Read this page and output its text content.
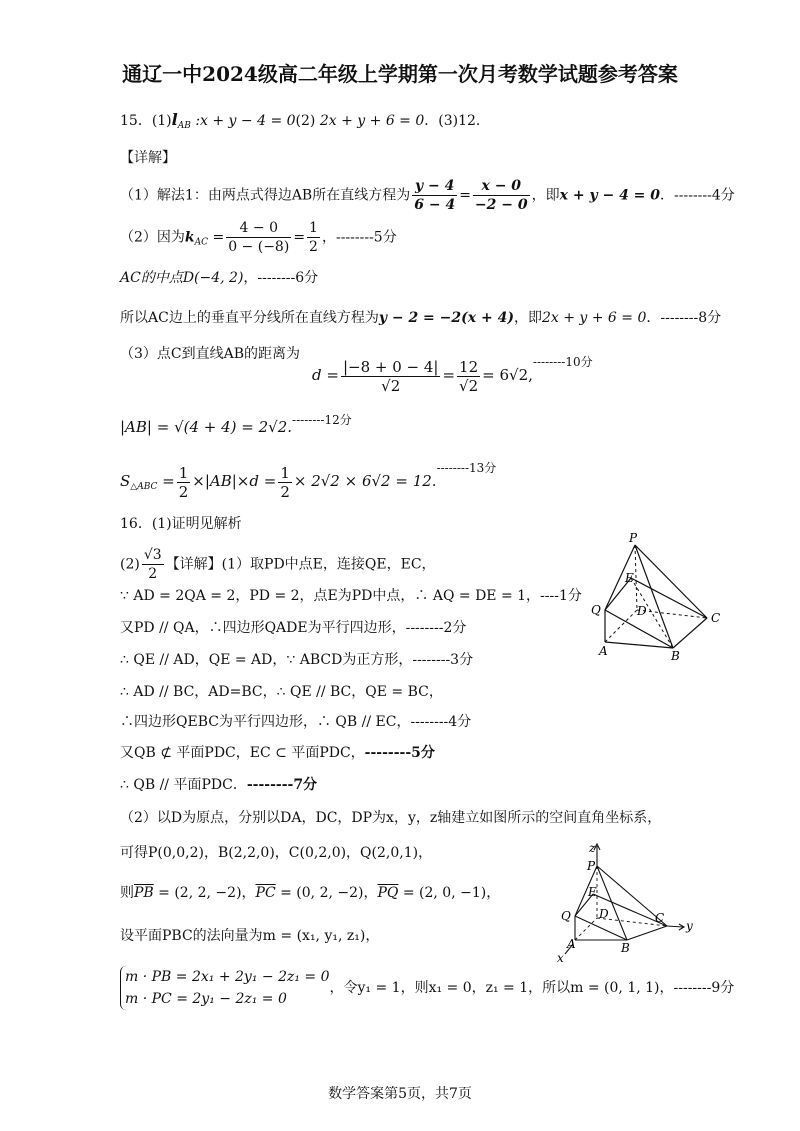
通辽一中2024级高二年级上学期第一次月考数学试题参考答案
15．$(1)l_{AB}$ :x + y − 4 = 0(2) 2x + y + 6 = 0．(3)12．
【详解】
（1）解法1：由两点式得边AB所在直线方程为 $\frac{y - 4}{6 - 4} = \frac{x - 0}{-2 - 0}$ ，即x + y − 4 = 0．--------4分
（2）因为$k_{AC} = \frac{4 - 0}{0 - (-8)} = \frac{1}{2}$ ，--------5分
AC的中点D(−4, 2)，--------6分
所以AC边上的垂直平分线所在直线方程为y − 2 = −2(x + 4)，即2x + y + 6 = 0．--------8分
（3）点C到直线AB的距离为
$d = \frac{|-8 + 0 - 4|}{√2} = \frac{12}{√2} = 6√2,^{--------10分}$
|AB| = √(4 + 4) = 2√2.$^{--------12分}$
$S_{\triangle ABC} = \frac{1}{2} \times|AB|\times d = \frac{1}{2} \times 2√2 \times 6√2 = 12.^{--------13分}$
16．(1)证明见解析
$(2) \frac{√3}{2}$ 【详解】(1）取PD中点E，连接QE，EC，
∵ AD = 2QA = 2，PD = 2，点E为PD中点，∴ AQ = DE = 1，----1分
又PD // QA，∴四边形QADE为平行四边形，--------2分
∴ QE // AD，QE = AD，∵ ABCD为正方形，--------3分
∴ AD // BC，AD=BC，∴ QE // BC，QE = BC，
∴四边形QEBC为平行四边形，∴ QB // EC，--------4分
又QB ⊄ 平面PDC，EC ⊂ 平面PDC，--------5分
∴ QB // 平面PDC．--------7分
（2）以D为原点，分别以DA，DC，DP为x，y，z轴建立如图所示的空间直角坐标系，
可得P(0,0,2)，B(2,2,0)，C(0,2,0)，Q(2,0,1)，
则$\overline{PB} = (2$, 2, −2)，$\overline{PC} = (0$, 2, −2)，$\overline{PQ} = (2$, 0, −1)，
设平面PBC的法向量为m = (x₁, y₁, z₁)，
m · PB = 2x₁ + 2y₁ − 2z₁ = 0
m · PC = 2y₁ − 2z₁ = 0
，令y₁ = 1，则x₁ = 0，z₁ = 1，所以m = (0, 1, 1)，--------9分
P
E
Q	D	C
A	B
z
P
E
Q D	C
y
A	B
x
数学答案第5页，共7页
